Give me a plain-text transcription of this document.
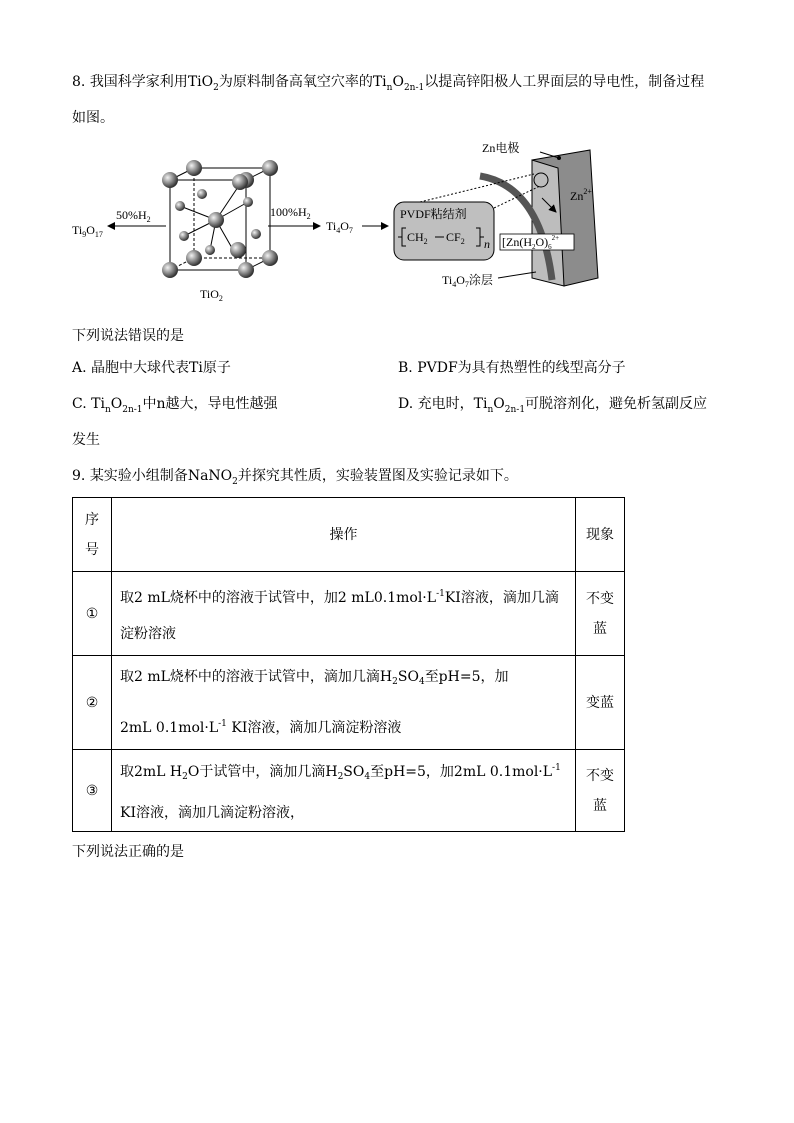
8. 我国科学家利用TiO$_2$为原料制备高氧空穴率的$Ti_nO_{2n-1}$以提高锌阳极人工界面层的导电性，制备过程
如图。
TiO$_2$
$50\%H_2$
$Ti_9O_{17}$
$100\%H_2$
$Ti_4O_7$
PVDF粘结剂
$CH_2$ $CF_2$ n
Zn电极
$Zn^{2+}$
[$Zn(H_2O)_6^{2+}$
$Ti_4O_7$涂层
下列说法错误的是
A. 晶胞中大球代表Ti原子	B. PVDF为具有热塑性的线型高分子
C. $Ti_nO_{2n-1}$中n越大，导电性越强	D. 充电时，$Ti_nO_{2n-1}$可脱溶剂化，避免析氢副反应
发生
9. 某实验小组制备NaNO$_2$并探究其性质，实验装置图及实验记录如下。
序
号	操作	现象
①	取2 mL烧杯中的溶液于试管中，加2 $mL0.1mol\cdot L^{-1}KI$溶液，滴加几滴
淀粉溶液	不变
蓝
②	取2 mL烧杯中的溶液于试管中，滴加几滴$H_2SO_4$至pH=5，加
2mL $0.1mol\cdot L^{-1}$ KI溶液，滴加几滴淀粉溶液	变蓝
③	取2mL $H_2O$于试管中，滴加几滴$H_2SO_4$至pH=5，加2mL $0.1mol\cdot L^{-1}$
KI溶液，滴加几滴淀粉溶液，	不变
蓝
下列说法正确的是
